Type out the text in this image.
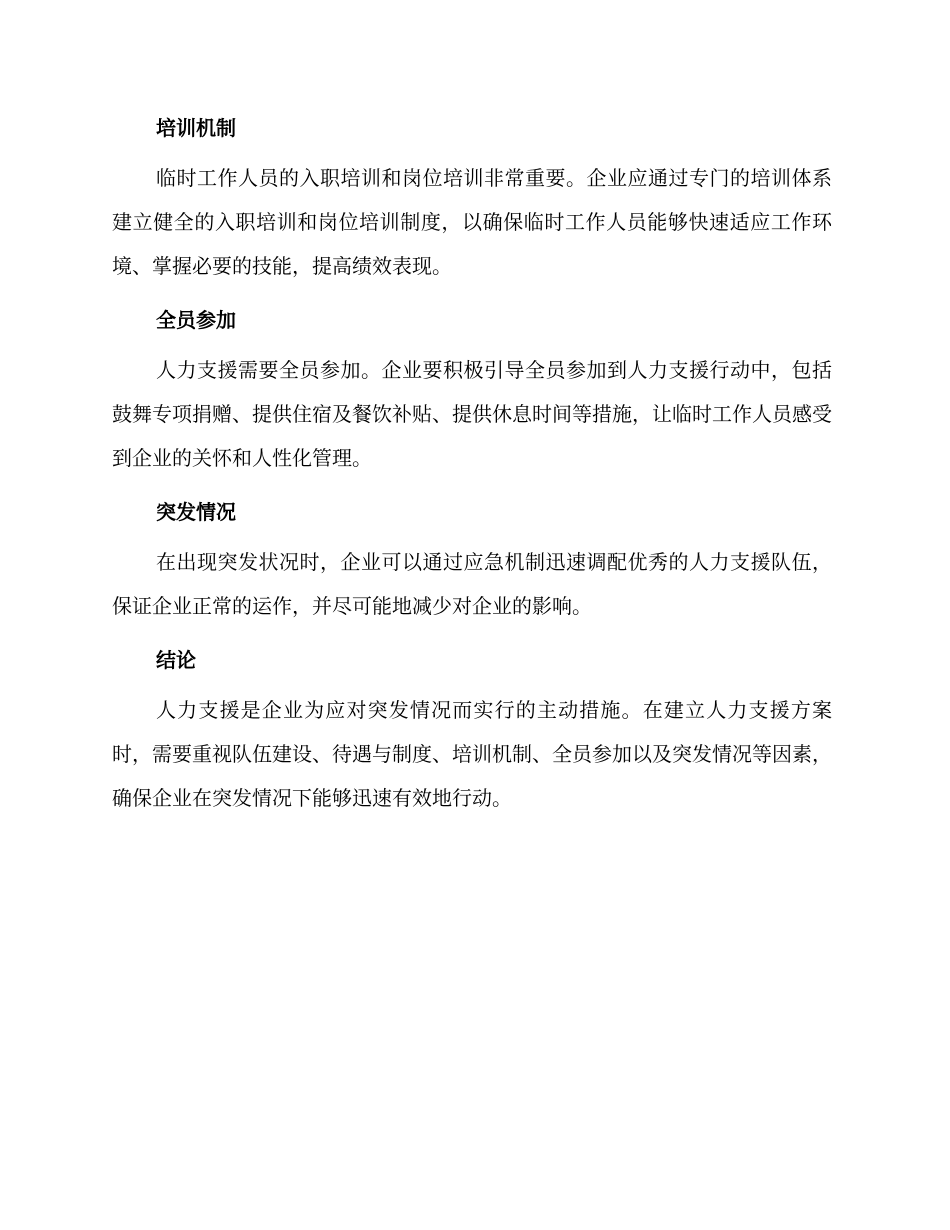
培训机制

临时工作人员的入职培训和岗位培训非常重要。企业应通过专门的培训体系建立健全的入职培训和岗位培训制度，以确保临时工作人员能够快速适应工作环境、掌握必要的技能，提高绩效表现。

全员参加

人力支援需要全员参加。企业要积极引导全员参加到人力支援行动中，包括鼓舞专项捐赠、提供住宿及餐饮补贴、提供休息时间等措施，让临时工作人员感受到企业的关怀和人性化管理。

突发情况

在出现突发状况时，企业可以通过应急机制迅速调配优秀的人力支援队伍，保证企业正常的运作，并尽可能地减少对企业的影响。

结论

人力支援是企业为应对突发情况而实行的主动措施。在建立人力支援方案时，需要重视队伍建设、待遇与制度、培训机制、全员参加以及突发情况等因素，确保企业在突发情况下能够迅速有效地行动。
